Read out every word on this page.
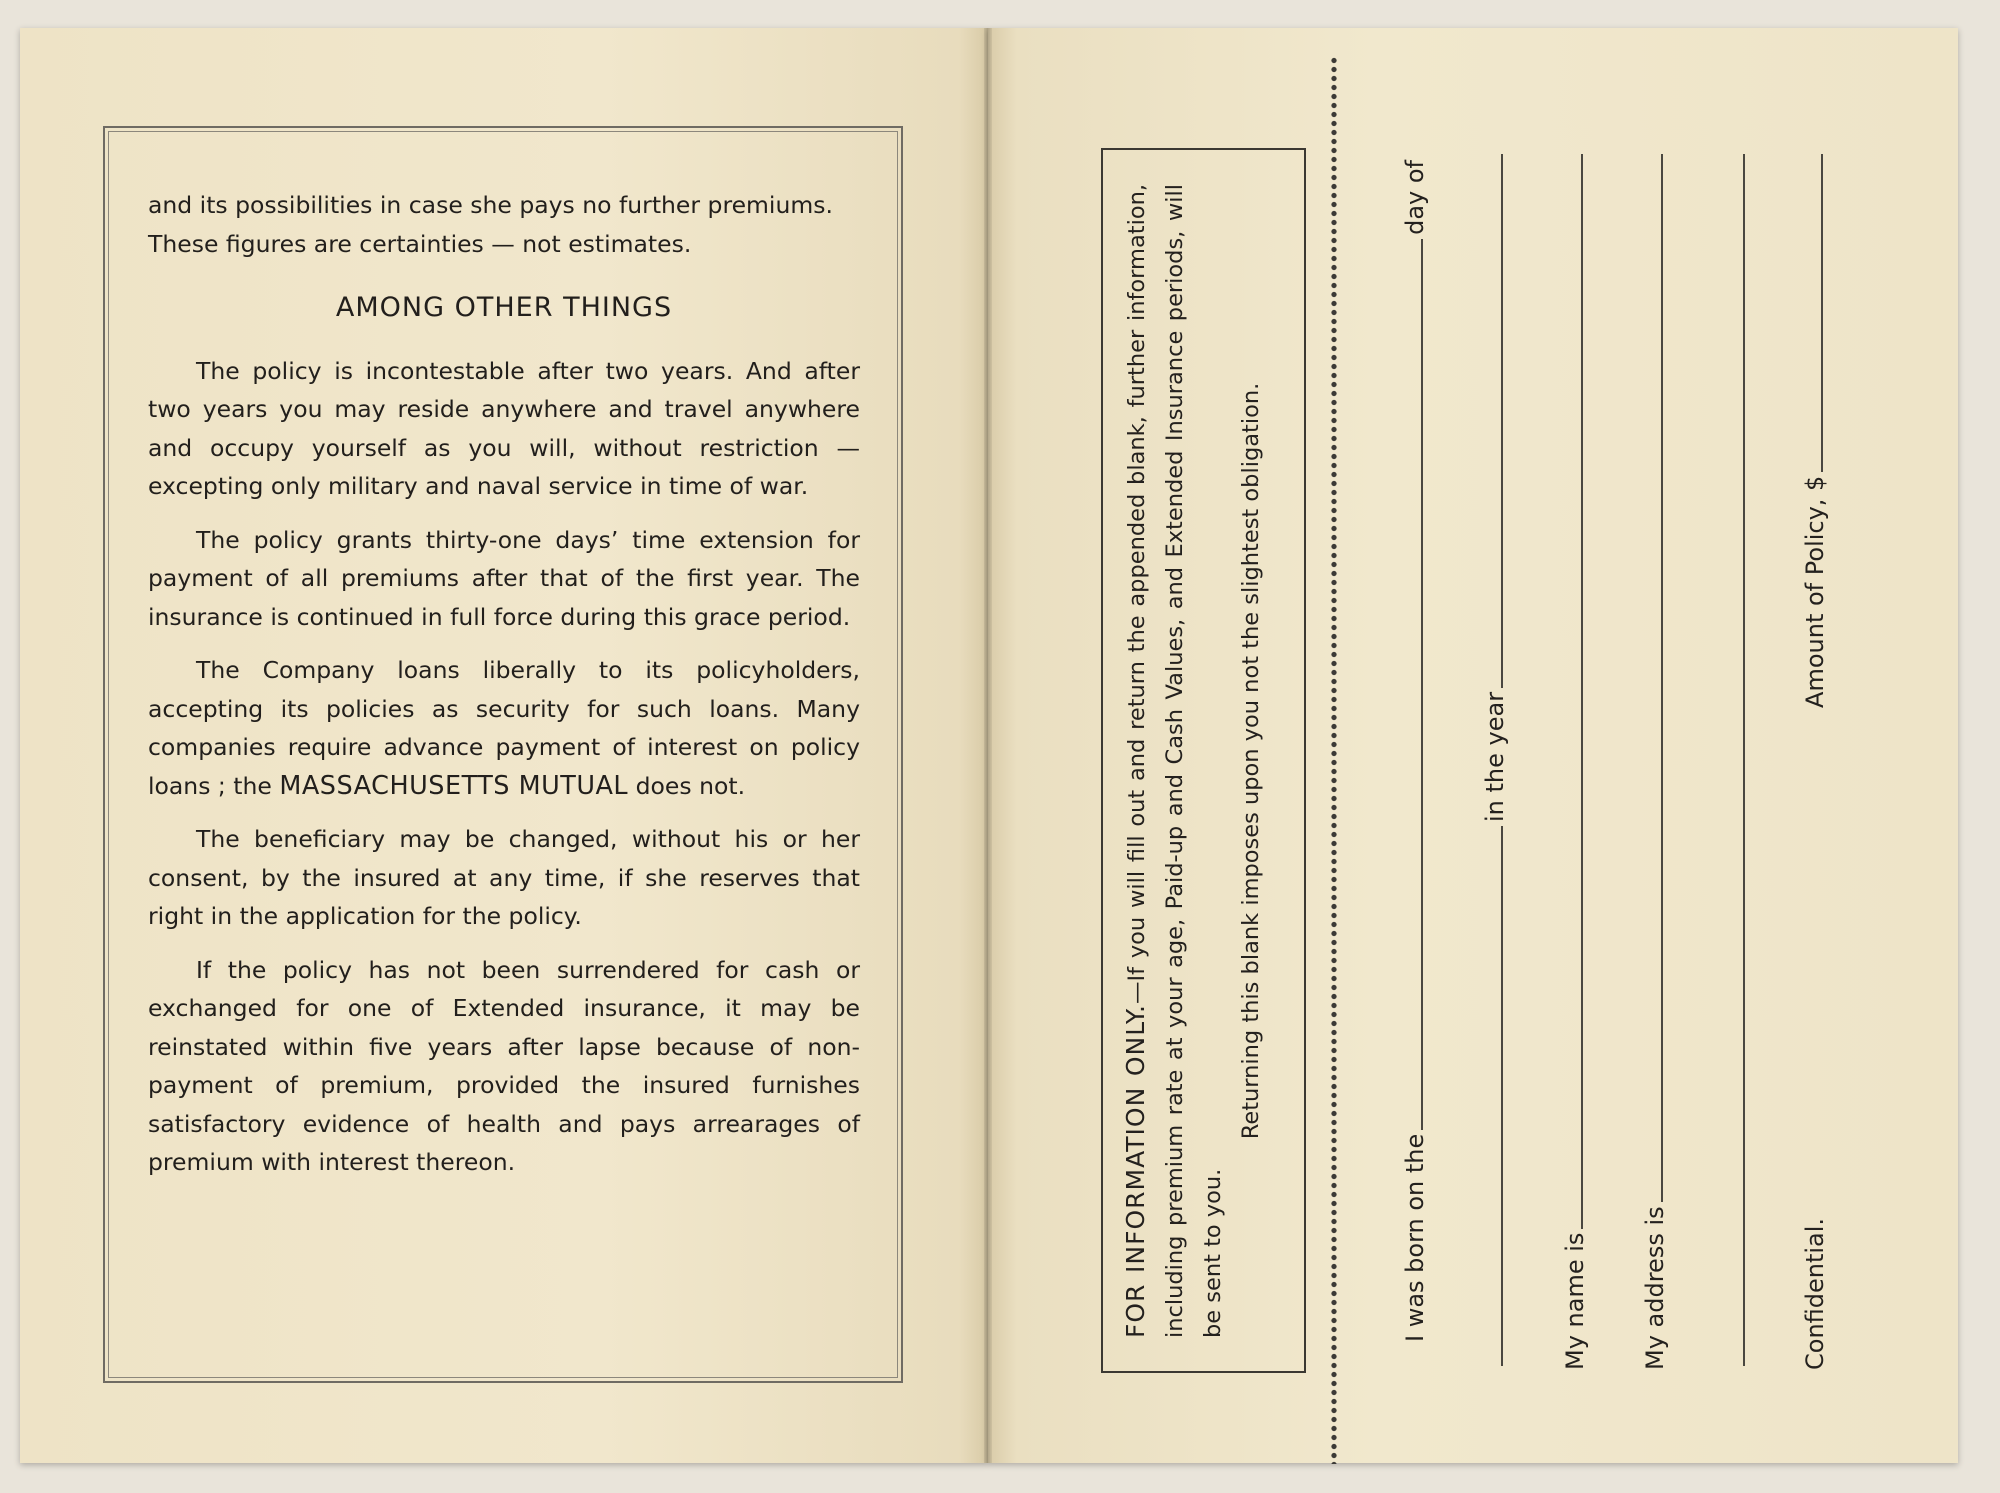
and its possibilities in case she pays no further premiums.
These figures are certainties — not estimates.

AMONG OTHER THINGS

The policy is incontestable after two years. And after two years you may reside anywhere and travel anywhere and occupy yourself as you will, without restriction — excepting only military and naval service in time of war.

The policy grants thirty-one days’ time extension for payment of all premiums after that of the first year. The insurance is continued in full force during this grace period.

The Company loans liberally to its policyholders, accepting its policies as security for such loans. Many companies require advance payment of interest on policy loans ; the MASSACHUSETTS MUTUAL does not.

The beneficiary may be changed, without his or her consent, by the insured at any time, if she reserves that right in the application for the policy.

If the policy has not been surrendered for cash or exchanged for one of Extended insurance, it may be reinstated within five years after lapse because of non-payment of premium, provided the insured furnishes satisfactory evidence of health and pays arrearages of premium with interest thereon.	FOR INFORMATION ONLY.—If you will fill out and return the appended blank, further information, including premium rate at your age, Paid-up and Cash Values, and Extended Insurance periods, will be sent to you.
Returning this blank imposes upon you not the slightest obligation.
I was born on the
day of
in the year
My name is My address is	Confidential.
Amount of Policy, $
